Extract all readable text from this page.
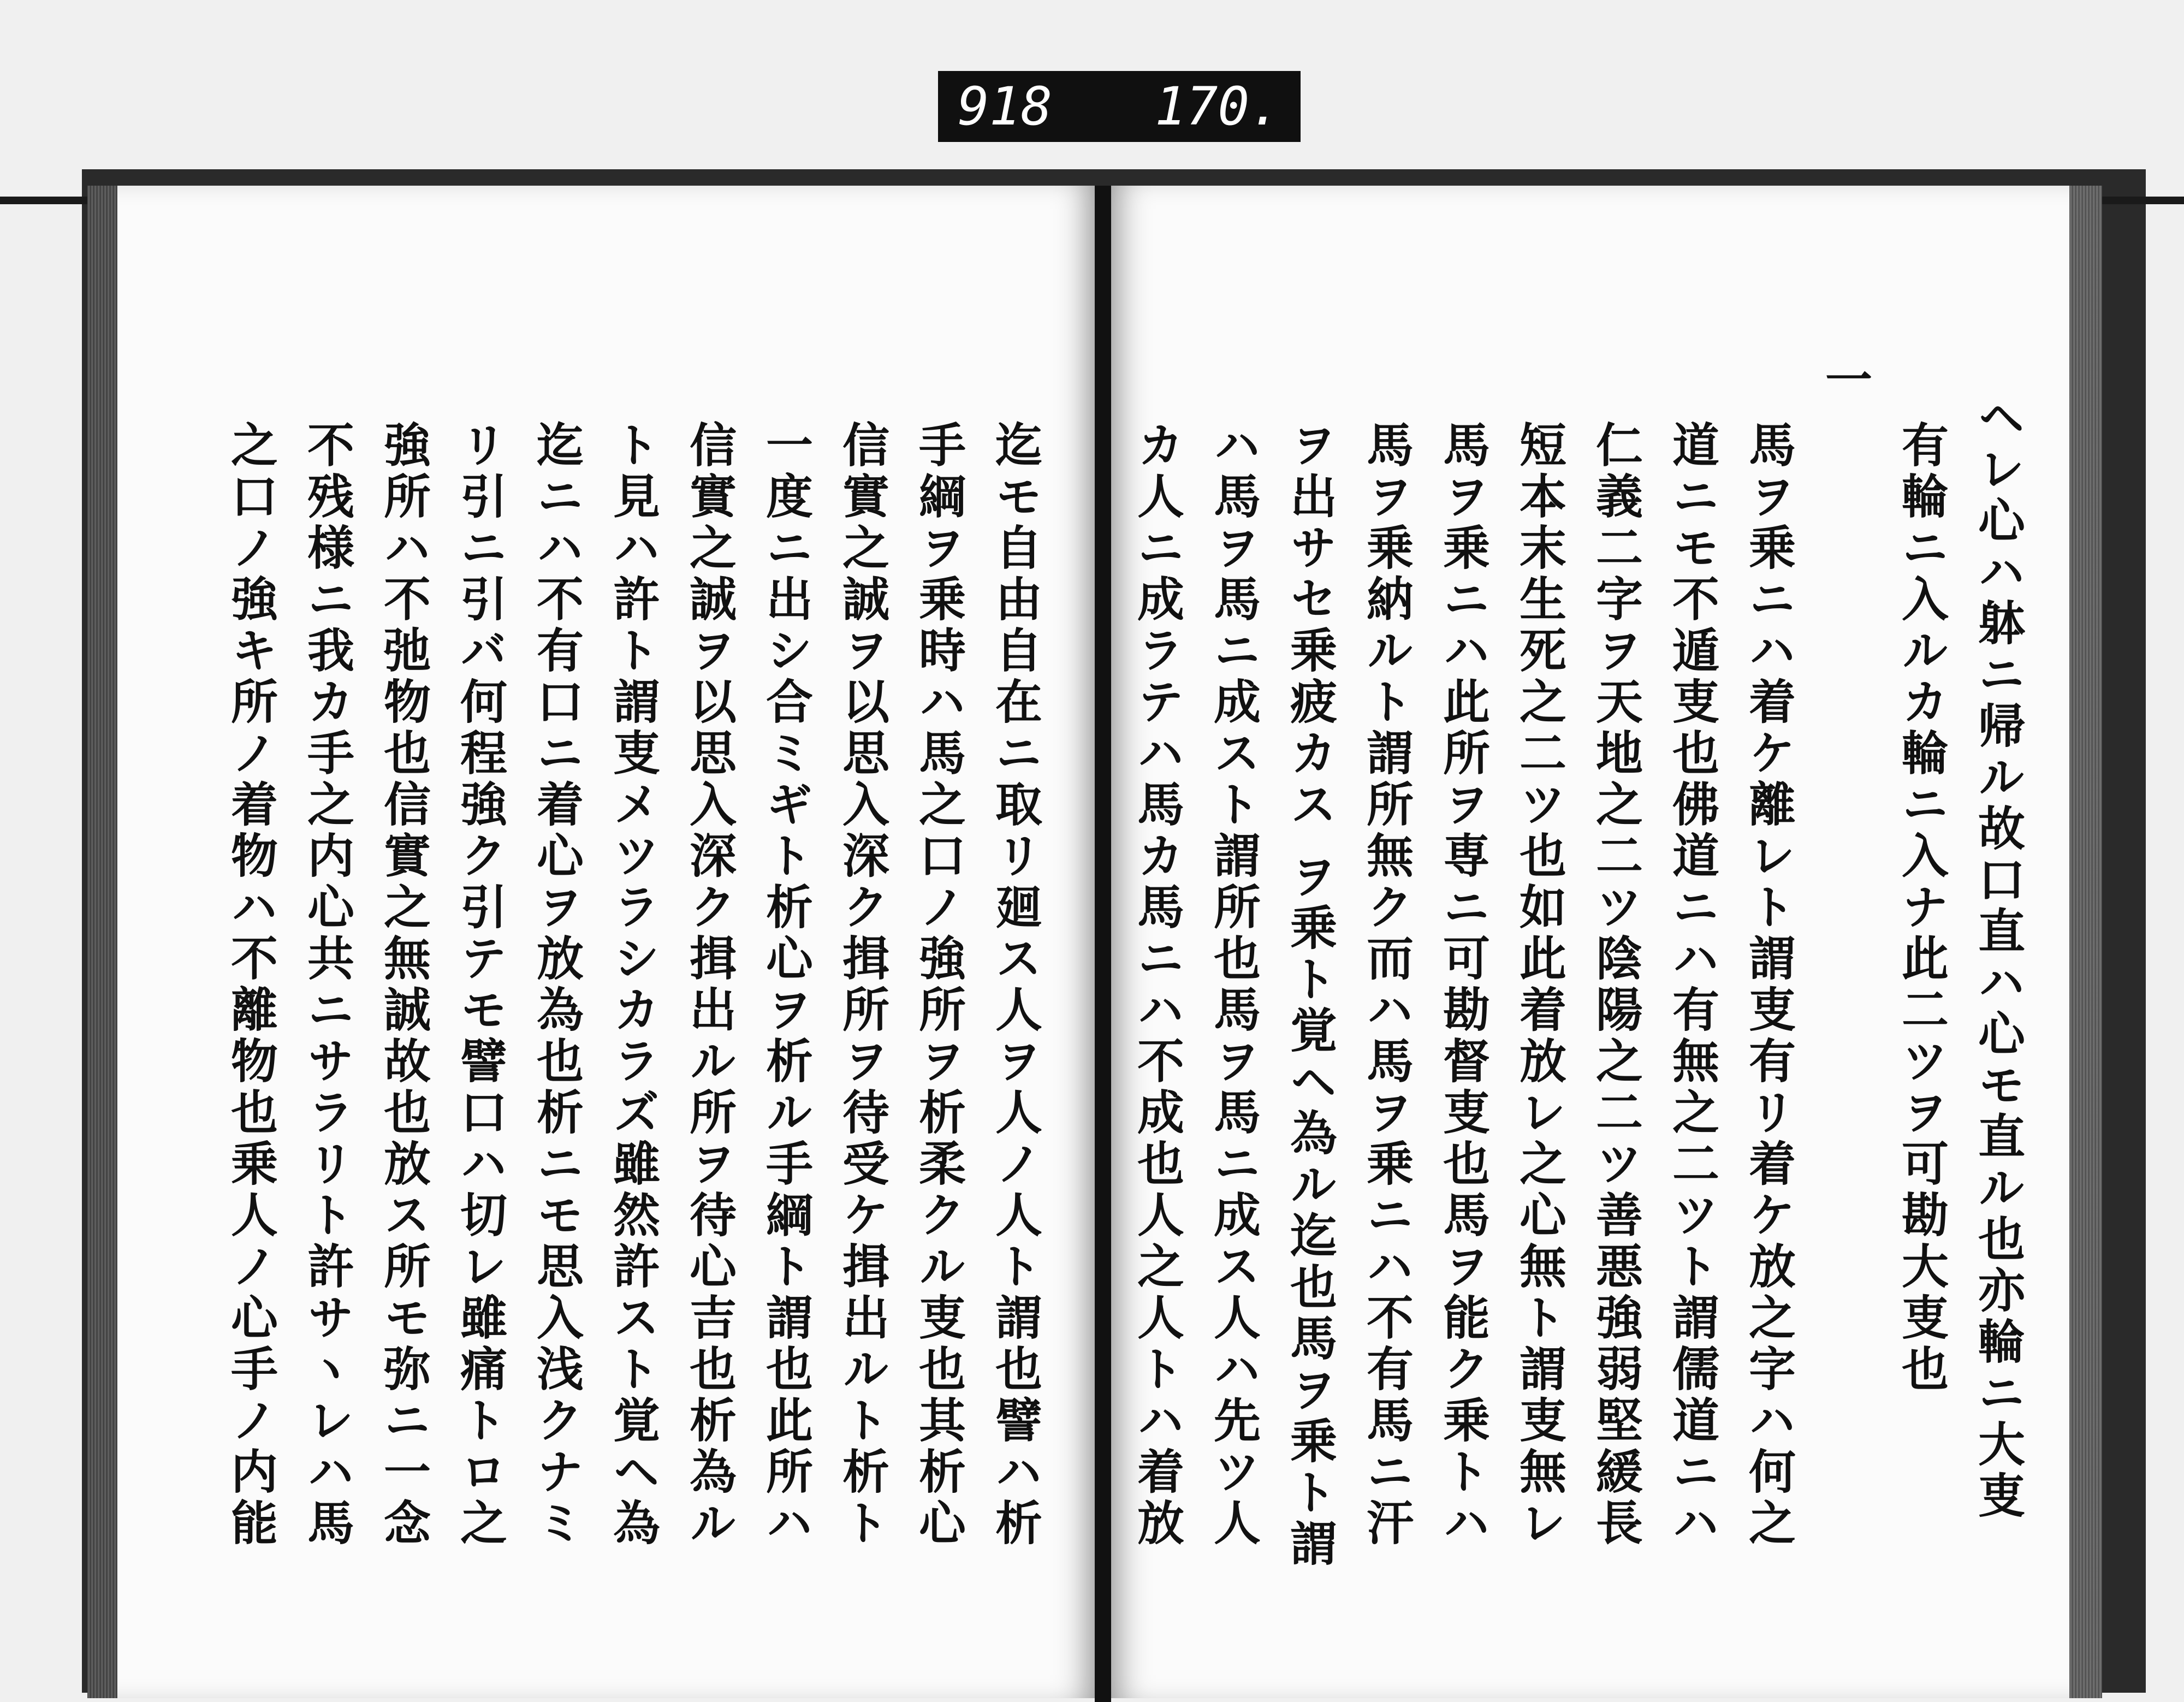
918 170.
迄モ自由自在ニ取リ廻ス人ヲ人ノ人ト謂也譬ハ析
手綱ヲ乗時ハ馬之口ノ強所ヲ析柔クル叓也其析心
信實之誠ヲ以思入深ク揖所ヲ待受ケ揖出ルト析ト
一度ニ出シ合ミギト析心ヲ析ル手綱ト謂也此所ハ
信實之誠ヲ以思入深ク揖出ル所ヲ待心吉也析為ル
ト見ハ許ト謂叓メツラシカラズ雖然許スト覚ヘ為
迄ニハ不有口ニ着心ヲ放為也析ニモ思入浅クナミ
リ引ニ引バ何程強ク引テモ譬口ハ切レ雖痛トロ之
強所ハ不弛物也信實之無誠故也放ス所モ弥ニ一念
不残様ニ我カ手之内心共ニサラリト許サヽレハ馬
之口ノ強キ所ノ着物ハ不離物也乗人ノ心手ノ内能	ヘレ心ハ躰ニ帰ル故口直ハ心モ直ル也亦輪ニ大叓
有輪ニ入ルカ輪ニ入ナ此二ツヲ可勘大叓也
一
馬ヲ乗ニハ着ケ離レト謂叓有リ着ケ放之字ハ何之
道ニモ不遁叓也佛道ニハ有無之二ツト謂儒道ニハ
仁義二字ヲ天地之二ツ陰陽之二ツ善悪強弱堅緩長
短本末生死之二ツ也如此着放レ之心無ト謂叓無レ
馬ヲ乗ニハ此所ヲ専ニ可勘督叓也馬ヲ能ク乗トハ
馬ヲ乗納ルト謂所無ク而ハ馬ヲ乗ニハ不有馬ニ汗
ヲ出サセ乗疲カス ヲ乗ト覚ヘ為ル迄也馬ヲ乗ト謂
ハ馬ヲ馬ニ成スト謂所也馬ヲ馬ニ成ス人ハ先ツ人
カ人ニ成ラテハ馬カ馬ニハ不成也人之人トハ着放
